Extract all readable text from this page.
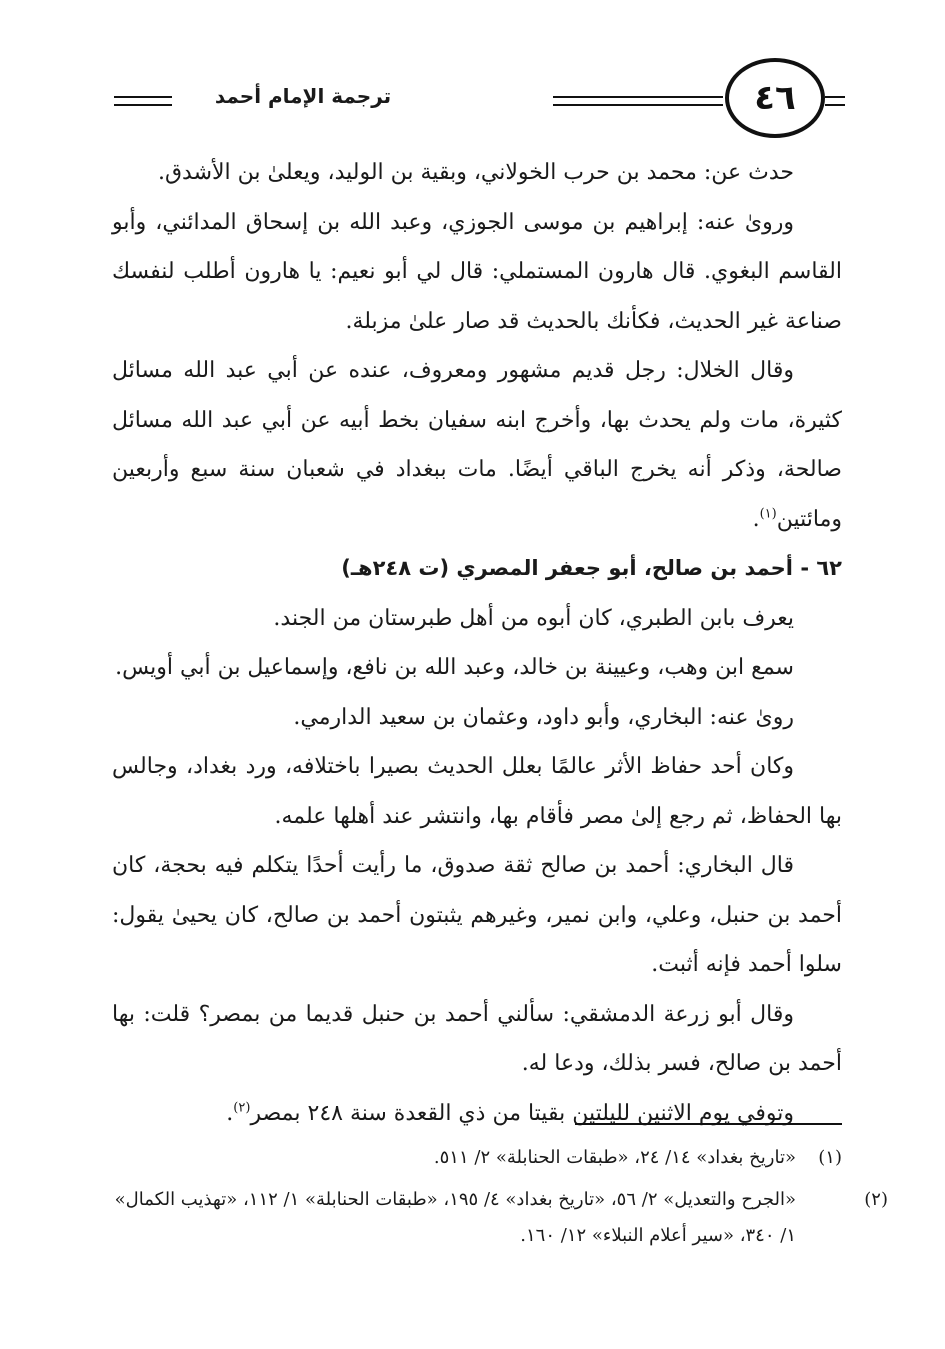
٤٦
ترجمة الإمام أحمد

حدث عن: محمد بن حرب الخولاني، وبقية بن الوليد، ويعلىٰ بن الأشدق.

وروىٰ عنه: إبراهيم بن موسى الجوزي، وعبد الله بن إسحاق المدائني، وأبو القاسم البغوي. قال هارون المستملي: قال لي أبو نعيم: يا هارون أطلب لنفسك صناعة غير الحديث، فكأنك بالحديث قد صار علىٰ مزبلة.

وقال الخلال: رجل قديم مشهور ومعروف، عنده عن أبي عبد الله مسائل كثيرة، مات ولم يحدث بها، وأخرج ابنه سفيان بخط أبيه عن أبي عبد الله مسائل صالحة، وذكر أنه يخرج الباقي أيضًا. مات ببغداد في شعبان سنة سبع وأربعين ومائتين$^{(١)}$.

٦٢ - أحمد بن صالح، أبو جعفر المصري (ت ٢٤٨هـ)

يعرف بابن الطبري، كان أبوه من أهل طبرستان من الجند.

سمع ابن وهب، وعيينة بن خالد، وعبد الله بن نافع، وإسماعيل بن أبي أويس.

روىٰ عنه: البخاري، وأبو داود، وعثمان بن سعيد الدارمي.

وكان أحد حفاظ الأثر عالمًا بعلل الحديث بصيرا باختلافه، ورد بغداد، وجالس بها الحفاظ، ثم رجع إلىٰ مصر فأقام بها، وانتشر عند أهلها علمه.

قال البخاري: أحمد بن صالح ثقة صدوق، ما رأيت أحدًا يتكلم فيه بحجة، كان أحمد بن حنبل، وعلي، وابن نمير، وغيرهم يثبتون أحمد بن صالح، كان يحيىٰ يقول: سلوا أحمد فإنه أثبت.

وقال أبو زرعة الدمشقي: سألني أحمد بن حنبل قديما من بمصر؟ قلت: بها أحمد بن صالح، فسر بذلك، ودعا له.

وتوفي يوم الاثنين لليلتين بقيتا من ذي القعدة سنة ٢٤٨ بمصر$^{(٢)}$.

(١)«تاريخ بغداد» ١٤/ ٢٤، «طبقات الحنابلة» ٢/ ٥١١.

(٢)«الجرح والتعديل» ٢/ ٥٦، «تاريخ بغداد» ٤/ ١٩٥، «طبقات الحنابلة» ١/ ١١٢، «تهذيب الكمال» ١/ ٣٤٠، «سير أعلام النبلاء» ١٢/ ١٦٠.
